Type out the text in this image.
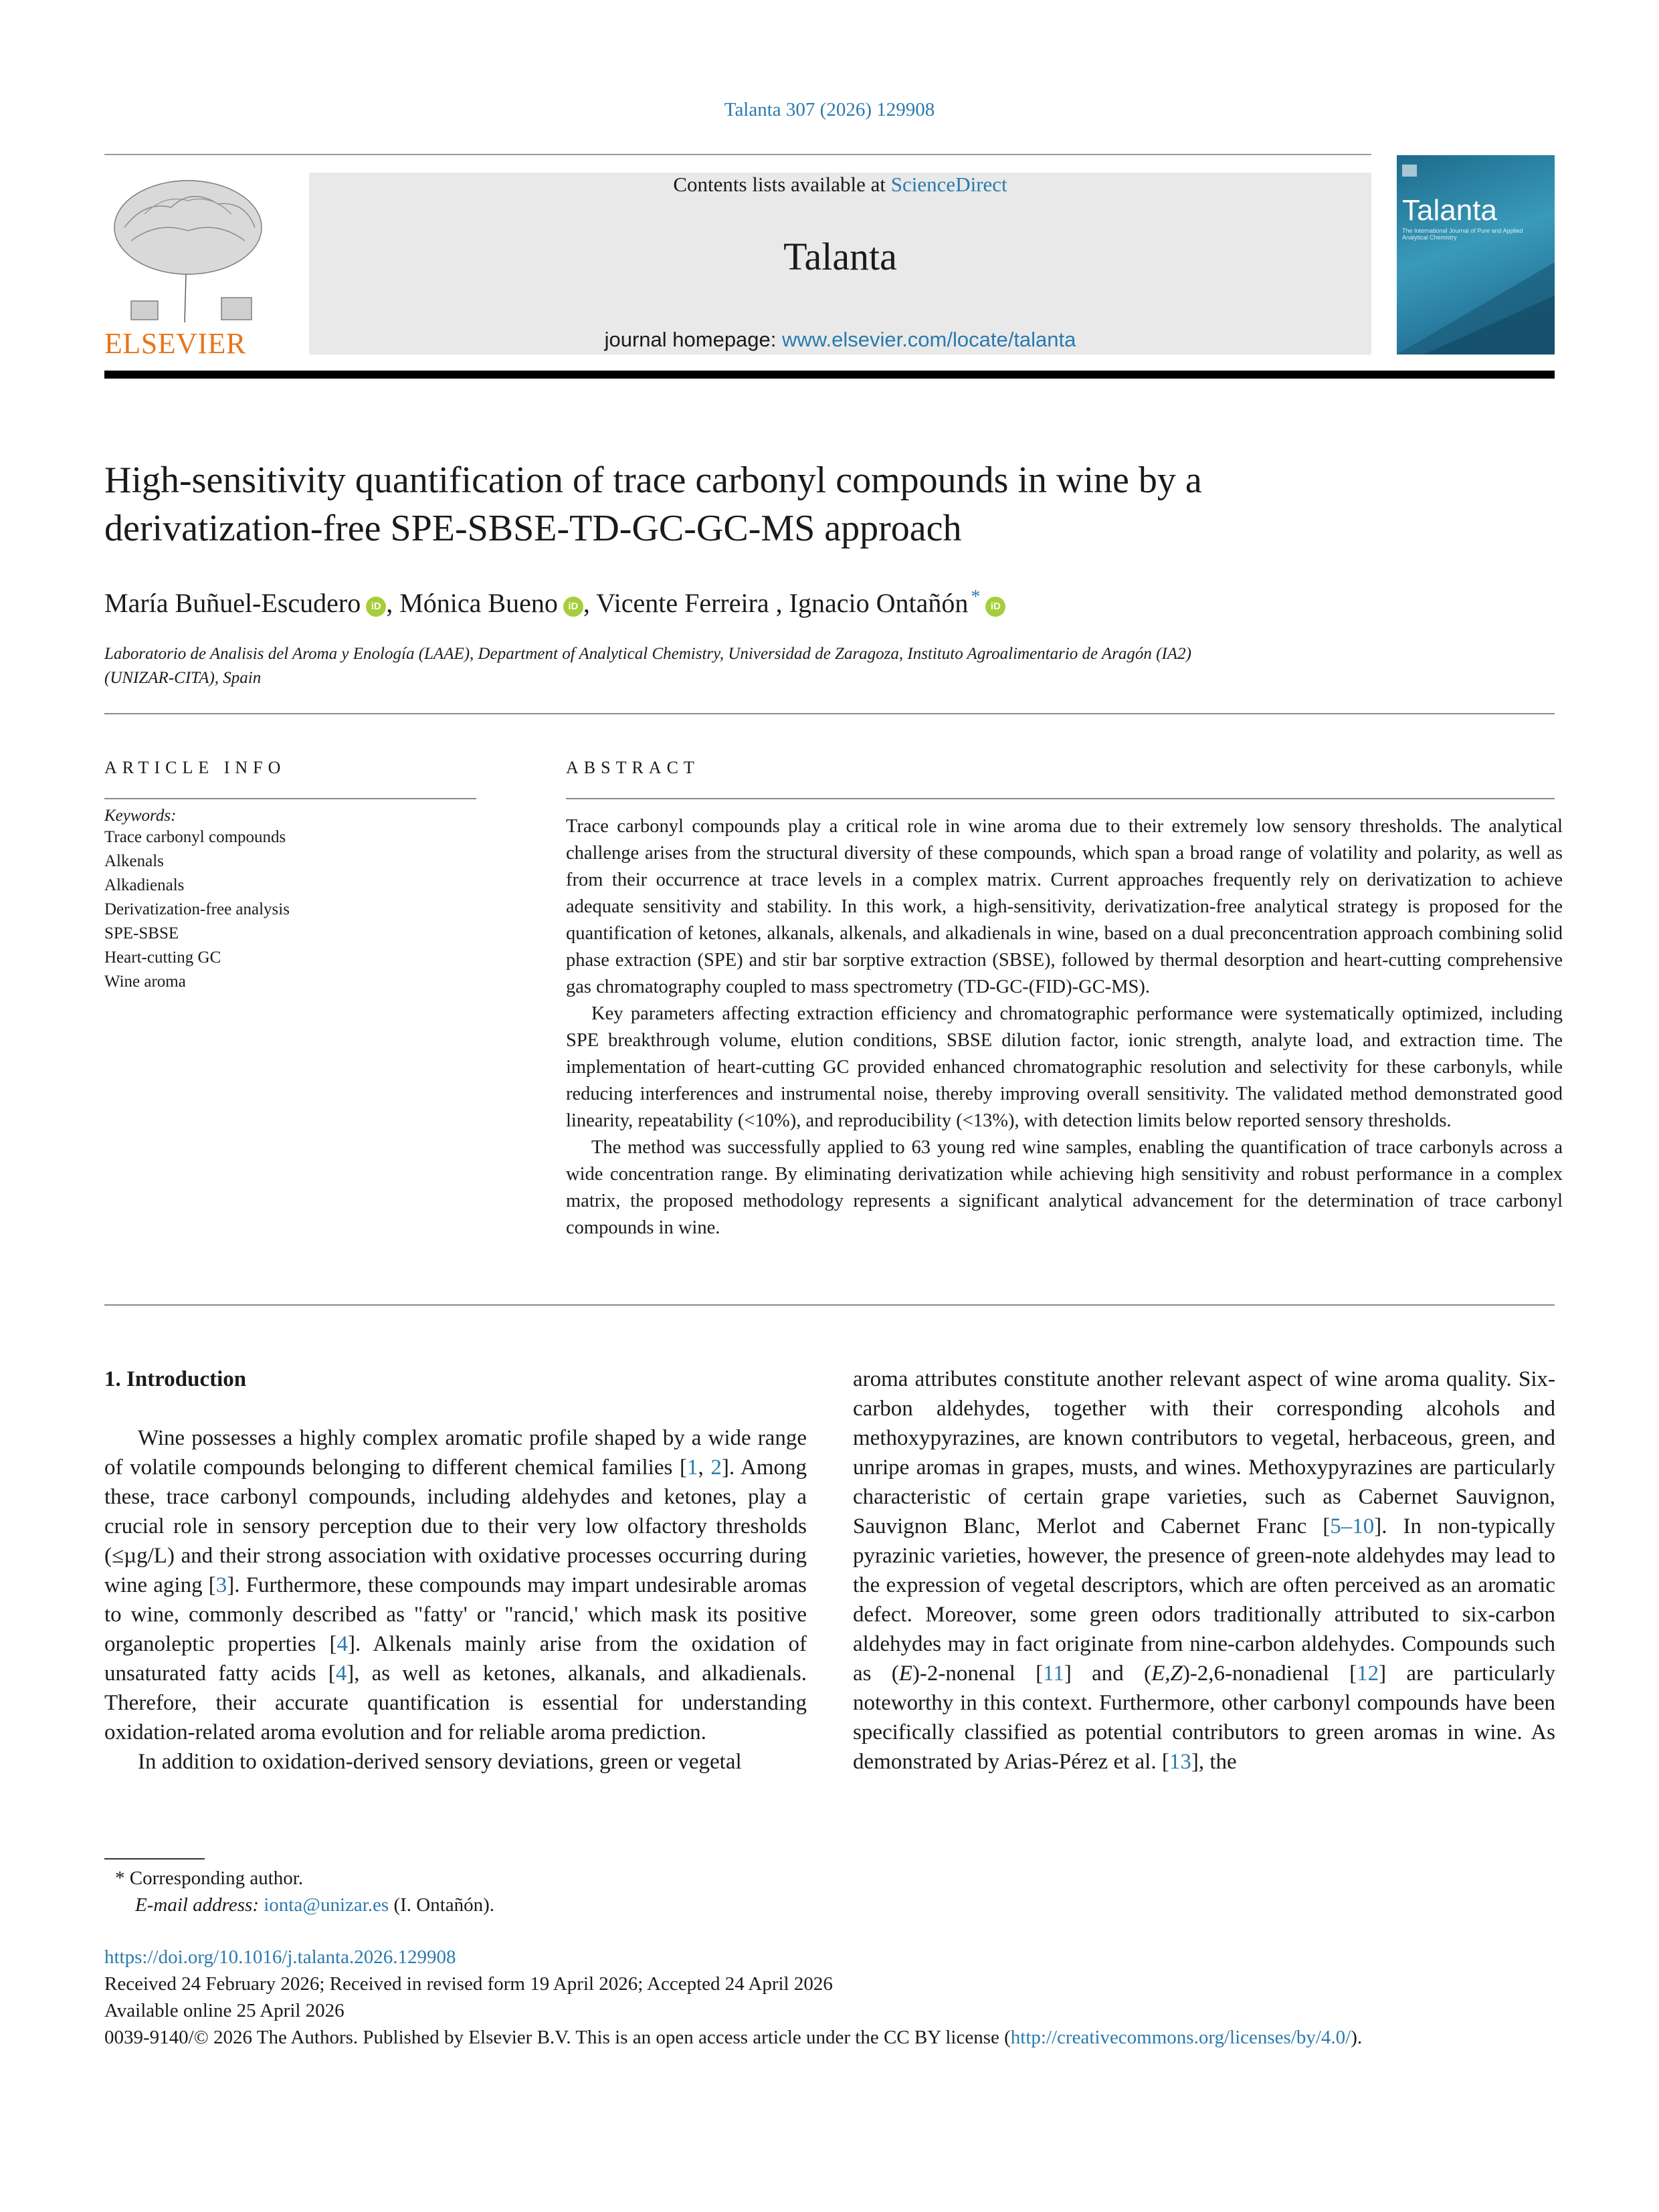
Talanta 307 (2026) 129908
ELSEVIER
Contents lists available at ScienceDirect
Talanta
journal homepage: www.elsevier.com/locate/talanta
Talanta
The International Journal of Pure and Applied Analytical Chemistry
High-sensitivity quantification of trace carbonyl compounds in wine by a
derivatization-free SPE-SBSE-TD-GC-GC-MS approach
María Buñuel-Escudero iD , Mónica Bueno iD , Vicente Ferreira , Ignacio Ontañón * iD
Laboratorio de Analisis del Aroma y Enología (LAAE), Department of Analytical Chemistry, Universidad de Zaragoza, Instituto Agroalimentario de Aragón (IA2)
(UNIZAR-CITA), Spain
ARTICLE INFO
Keywords:
Trace carbonyl compounds
Alkenals
Alkadienals
Derivatization-free analysis
SPE-SBSE
Heart-cutting GC
Wine aroma
ABSTRACT

Trace carbonyl compounds play a critical role in wine aroma due to their extremely low sensory thresholds. The analytical challenge arises from the structural diversity of these compounds, which span a broad range of volatility and polarity, as well as from their occurrence at trace levels in a complex matrix. Current approaches frequently rely on derivatization to achieve adequate sensitivity and stability. In this work, a high-sensitivity, derivatization-free analytical strategy is proposed for the quantification of ketones, alkanals, alkenals, and alkadienals in wine, based on a dual preconcentration approach combining solid phase extraction (SPE) and stir bar sorptive extraction (SBSE), followed by thermal desorption and heart-cutting comprehensive gas chromatography coupled to mass spectrometry (TD-GC-(FID)-GC-MS).

Key parameters affecting extraction efficiency and chromatographic performance were systematically optimized, including SPE breakthrough volume, elution conditions, SBSE dilution factor, ionic strength, analyte load, and extraction time. The implementation of heart-cutting GC provided enhanced chromatographic resolution and selectivity for these carbonyls, while reducing interferences and instrumental noise, thereby improving overall sensitivity. The validated method demonstrated good linearity, repeatability (<10%), and reproducibility (<13%), with detection limits below reported sensory thresholds.

The method was successfully applied to 63 young red wine samples, enabling the quantification of trace carbonyls across a wide concentration range. By eliminating derivatization while achieving high sensitivity and robust performance in a complex matrix, the proposed methodology represents a significant analytical advancement for the determination of trace carbonyl compounds in wine.

1. Introduction

Wine possesses a highly complex aromatic profile shaped by a wide range of volatile compounds belonging to different chemical families [1, 2]. Among these, trace carbonyl compounds, including aldehydes and ketones, play a crucial role in sensory perception due to their very low olfactory thresholds (≤µg/L) and their strong association with oxidative processes occurring during wine aging [3]. Furthermore, these compounds may impart undesirable aromas to wine, commonly described as "fatty' or "rancid,' which mask its positive organoleptic properties [4]. Alkenals mainly arise from the oxidation of unsaturated fatty acids [4], as well as ketones, alkanals, and alkadienals. Therefore, their accurate quantification is essential for understanding oxidation-related aroma evolution and for reliable aroma prediction.

In addition to oxidation-derived sensory deviations, green or vegetal

aroma attributes constitute another relevant aspect of wine aroma quality. Six-carbon aldehydes, together with their corresponding alcohols and methoxypyrazines, are known contributors to vegetal, herbaceous, green, and unripe aromas in grapes, musts, and wines. Methoxypyrazines are particularly characteristic of certain grape varieties, such as Cabernet Sauvignon, Sauvignon Blanc, Merlot and Cabernet Franc [5–10]. In non-typically pyrazinic varieties, however, the presence of green-note aldehydes may lead to the expression of vegetal descriptors, which are often perceived as an aromatic defect. Moreover, some green odors traditionally attributed to six-carbon aldehydes may in fact originate from nine-carbon aldehydes. Compounds such as (E)-2-nonenal [11] and (E,Z)-2,6-nonadienal [12] are particularly noteworthy in this context. Furthermore, other carbonyl compounds have been specifically classified as potential contributors to green aromas in wine. As demonstrated by Arias-Pérez et al. [13], the

* Corresponding author.
E-mail address: ionta@unizar.es (I. Ontañón).
https://doi.org/10.1016/j.talanta.2026.129908
Received 24 February 2026; Received in revised form 19 April 2026; Accepted 24 April 2026
Available online 25 April 2026
0039-9140/© 2026 The Authors. Published by Elsevier B.V. This is an open access article under the CC BY license (http://creativecommons.org/licenses/by/4.0/).
